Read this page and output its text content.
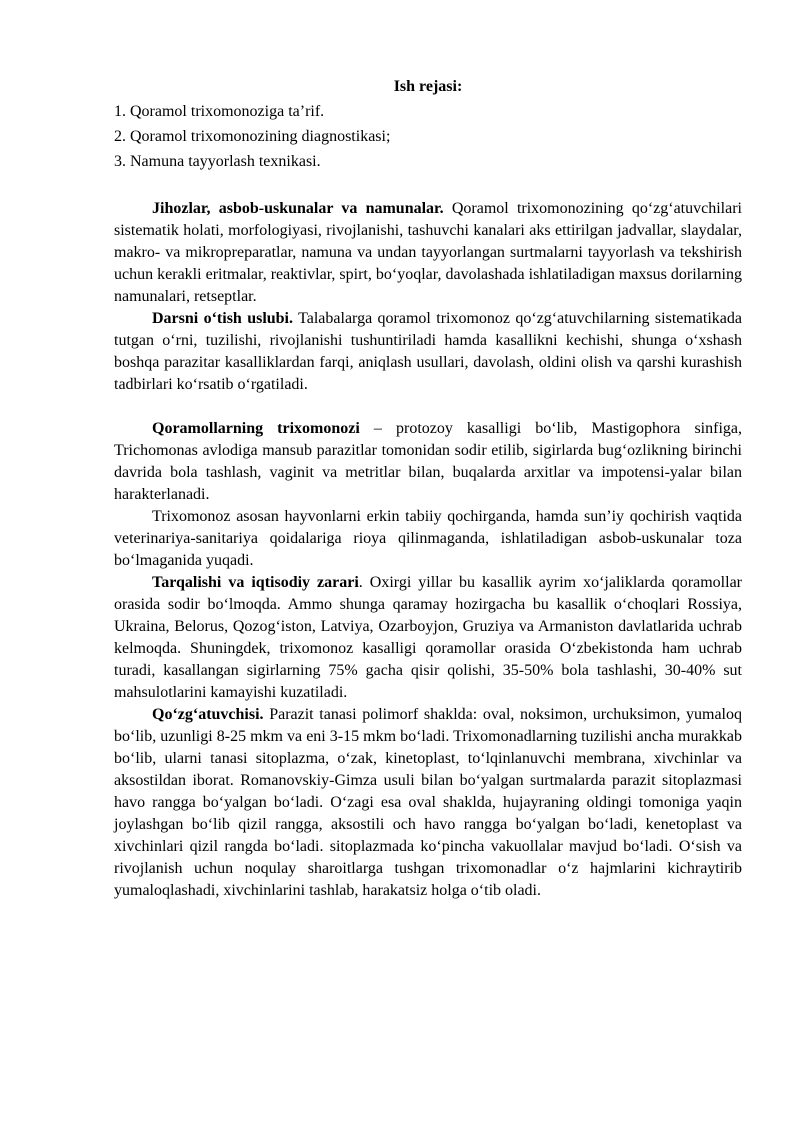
Ish rejasi:
1. Qoramol trixomonoziga ta’rif.
2. Qoramol trixomonozining diagnostikasi;
3. Namuna tayyorlash texnikasi.

Jihozlar, asbob-uskunalar va namunalar. Qoramol trixomonozining qo‘zg‘atuvchilari sistematik holati, morfologiyasi, rivojlanishi, tashuvchi kanalari aks ettirilgan jadvallar, slaydalar, makro- va mikropreparatlar, namuna va undan tayyorlangan surtmalarni tayyorlash va tekshirish uchun kerakli eritmalar, reaktivlar, spirt, bo‘yoqlar, davolashada ishlatiladigan maxsus dorilarning namunalari, retseptlar.

Darsni o‘tish uslubi. Talabalarga qoramol trixomonoz qo‘zg‘atuvchilarning sistematikada tutgan o‘rni, tuzilishi, rivojlanishi tushuntiriladi hamda kasallikni kechishi, shunga o‘xshash boshqa parazitar kasalliklardan farqi, aniqlash usullari, davolash, oldini olish va qarshi kurashish tadbirlari ko‘rsatib o‘rgatiladi.

Qoramollarning trixomonozi – protozoy kasalligi bo‘lib, Mastigophora sinfiga, Trichomonas avlodiga mansub parazitlar tomonidan sodir etilib, sigirlarda bug‘ozlikning birinchi davrida bola tashlash, vaginit va metritlar bilan, buqalarda arxitlar va impotensi-yalar bilan harakterlanadi.

Trixomonoz asosan hayvonlarni erkin tabiiy qochirganda, hamda sun’iy qochirish vaqtida veterinariya-sanitariya qoidalariga rioya qilinmaganda, ishlatiladigan asbob-uskunalar toza bo‘lmaganida yuqadi.

Tarqalishi va iqtisodiy zarari. Oxirgi yillar bu kasallik ayrim xo‘jaliklarda qoramollar orasida sodir bo‘lmoqda. Ammo shunga qaramay hozirgacha bu kasallik o‘choqlari Rossiya, Ukraina, Belorus, Qozog‘iston, Latviya, Ozarboyjon, Gruziya va Armaniston davlatlarida uchrab kelmoqda. Shuningdek, trixomonoz kasalligi qoramollar orasida O‘zbekistonda ham uchrab turadi, kasallangan sigirlarning 75% gacha qisir qolishi, 35-50% bola tashlashi, 30-40% sut mahsulotlarini kamayishi kuzatiladi.

Qo‘zg‘atuvchisi. Parazit tanasi polimorf shaklda: oval, noksimon, urchuksimon, yumaloq bo‘lib, uzunligi 8-25 mkm va eni 3-15 mkm bo‘ladi. Trixomonadlarning tuzilishi ancha murakkab bo‘lib, ularni tanasi sitoplazma, o‘zak, kinetoplast, to‘lqinlanuvchi membrana, xivchinlar va aksostildan iborat. Romanovskiy-Gimza usuli bilan bo‘yalgan surtmalarda parazit sitoplazmasi havo rangga bo‘yalgan bo‘ladi. O‘zagi esa oval shaklda, hujayraning oldingi tomoniga yaqin joylashgan bo‘lib qizil rangga, aksostili och havo rangga bo‘yalgan bo‘ladi, kenetoplast va xivchinlari qizil rangda bo‘ladi. sitoplazmada ko‘pincha vakuollalar mavjud bo‘ladi. O‘sish va rivojlanish uchun noqulay sharoitlarga tushgan trixomonadlar o‘z hajmlarini kichraytirib yumaloqlashadi, xivchinlarini tashlab, harakatsiz holga o‘tib oladi.
